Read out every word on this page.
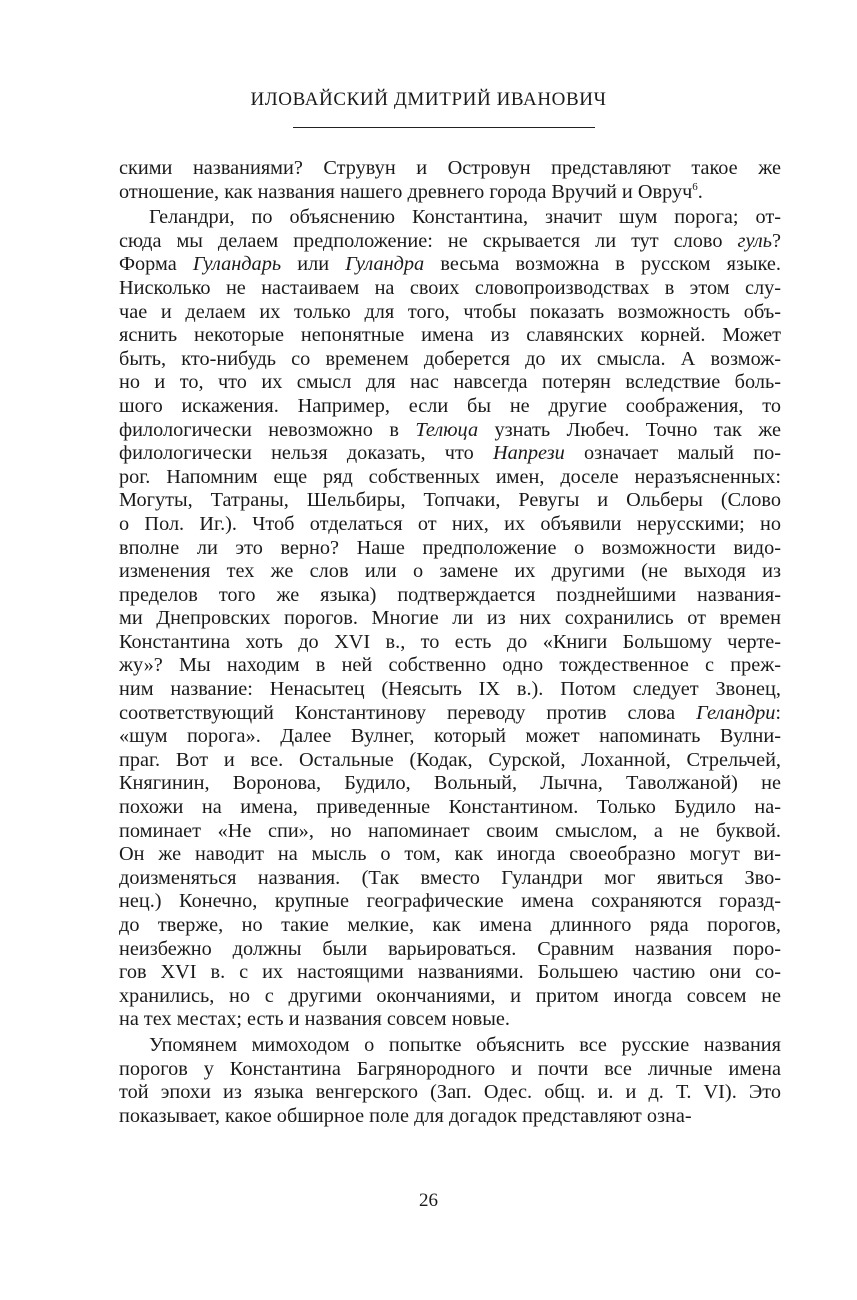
ИЛОВАЙСКИЙ ДМИТРИЙ ИВАНОВИЧ
скими названиями? Струвун и Островун представляют такое же
отношение, как названия нашего древнего города Вручий и Овруч$^6$.
Геландри, по объяснению Константина, значит шум порога; от-
сюда мы делаем предположение: не скрывается ли тут слово гуль?
Форма Гуландарь или Гуландра весьма возможна в русском языке.
Нисколько не настаиваем на своих словопроизводствах в этом слу-
чае и делаем их только для того, чтобы показать возможность объ-
яснить некоторые непонятные имена из славянских корней. Может
быть, кто-нибудь со временем доберется до их смысла. А возмож-
но и то, что их смысл для нас навсегда потерян вследствие боль-
шого искажения. Например, если бы не другие соображения, то
филологически невозможно в Телюца узнать Любеч. Точно так же
филологически нельзя доказать, что Напрези означает малый по-
рог. Напомним еще ряд собственных имен, доселе неразъясненных:
Могуты, Татраны, Шельбиры, Топчаки, Ревугы и Ольберы (Слово
о Пол. Иг.). Чтоб отделаться от них, их объявили нерусскими; но
вполне ли это верно? Наше предположение о возможности видо-
изменения тех же слов или о замене их другими (не выходя из
пределов того же языка) подтверждается позднейшими названия-
ми Днепровских порогов. Многие ли из них сохранились от времен
Константина хоть до XVI в., то есть до «Книги Большому черте-
жу»? Мы находим в ней собственно одно тождественное с преж-
ним название: Ненасытец (Неясыть IX в.). Потом следует Звонец,
соответствующий Константинову переводу против слова Геландри:
«шум порога». Далее Вулнег, который может напоминать Вулни-
праг. Вот и все. Остальные (Кодак, Сурской, Лоханной, Стрельчей,
Княгинин, Воронова, Будило, Вольный, Лычна, Таволжаной) не
похожи на имена, приведенные Константином. Только Будило на-
поминает «Не спи», но напоминает своим смыслом, а не буквой.
Он же наводит на мысль о том, как иногда своеобразно могут ви-
доизменяться названия. (Так вместо Гуландри мог явиться Зво-
нец.) Конечно, крупные географические имена сохраняются горазд-
до тверже, но такие мелкие, как имена длинного ряда порогов,
неизбежно должны были варьироваться. Сравним названия поро-
гов XVI в. с их настоящими названиями. Большею частию они со-
хранились, но с другими окончаниями, и притом иногда совсем не
на тех местах; есть и названия совсем новые.
Упомянем мимоходом о попытке объяснить все русские названия
порогов у Константина Багрянородного и почти все личные имена
той эпохи из языка венгерского (Зап. Одес. общ. и. и д. Т. VI). Это
показывает, какое обширное поле для догадок представляют озна-
26
